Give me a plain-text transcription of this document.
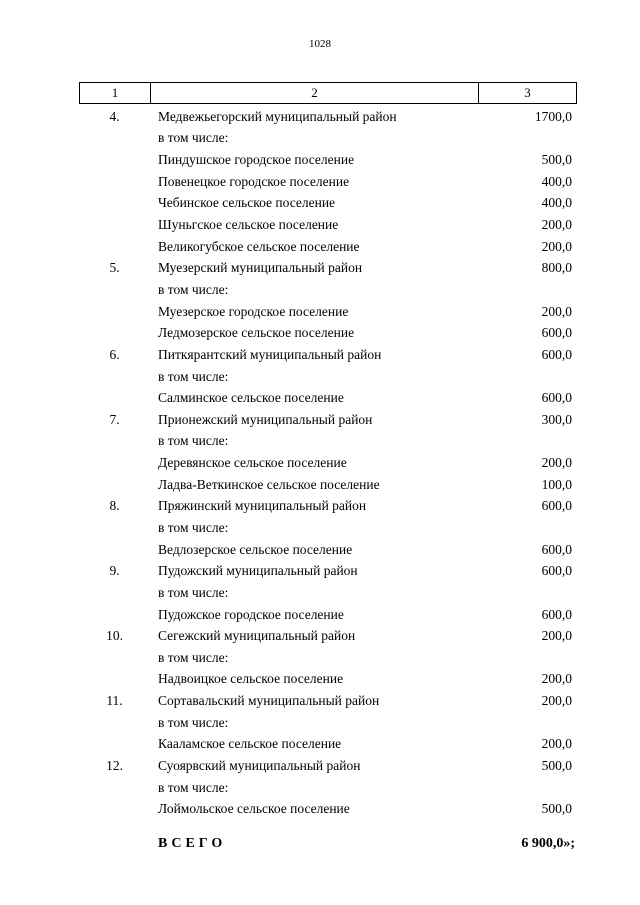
1028
1	2	3
4.	Медвежьегорский муниципальный район	1700,0
в том числе:
Пиндушское городское поселение	500,0
Повенецкое городское поселение	400,0
Чебинское сельское поселение	400,0
Шуньгское сельское поселение	200,0
Великогубское сельское поселение	200,0
5.	Муезерский муниципальный район	800,0
в том числе:
Муезерское городское поселение	200,0
Ледмозерское сельское поселение	600,0
6.	Питкярантский муниципальный район	600,0
в том числе:
Салминское сельское поселение	600,0
7.	Прионежский муниципальный район	300,0
в том числе:
Деревянское сельское поселение	200,0
Ладва-Веткинское сельское поселение	100,0
8.	Пряжинский муниципальный район	600,0
в том числе:
Ведлозерское сельское поселение	600,0
9.	Пудожский муниципальный район	600,0
в том числе:
Пудожское городское поселение	600,0
10.	Сегежский муниципальный район	200,0
в том числе:
Надвоицкое сельское поселение	200,0
11.	Сортавальский муниципальный район	200,0
в том числе:
Кааламское сельское поселение	200,0
12.	Суоярвский муниципальный район	500,0
в том числе:
Лоймольское сельское поселение	500,0
ВСЕГО	6 900,0»;
